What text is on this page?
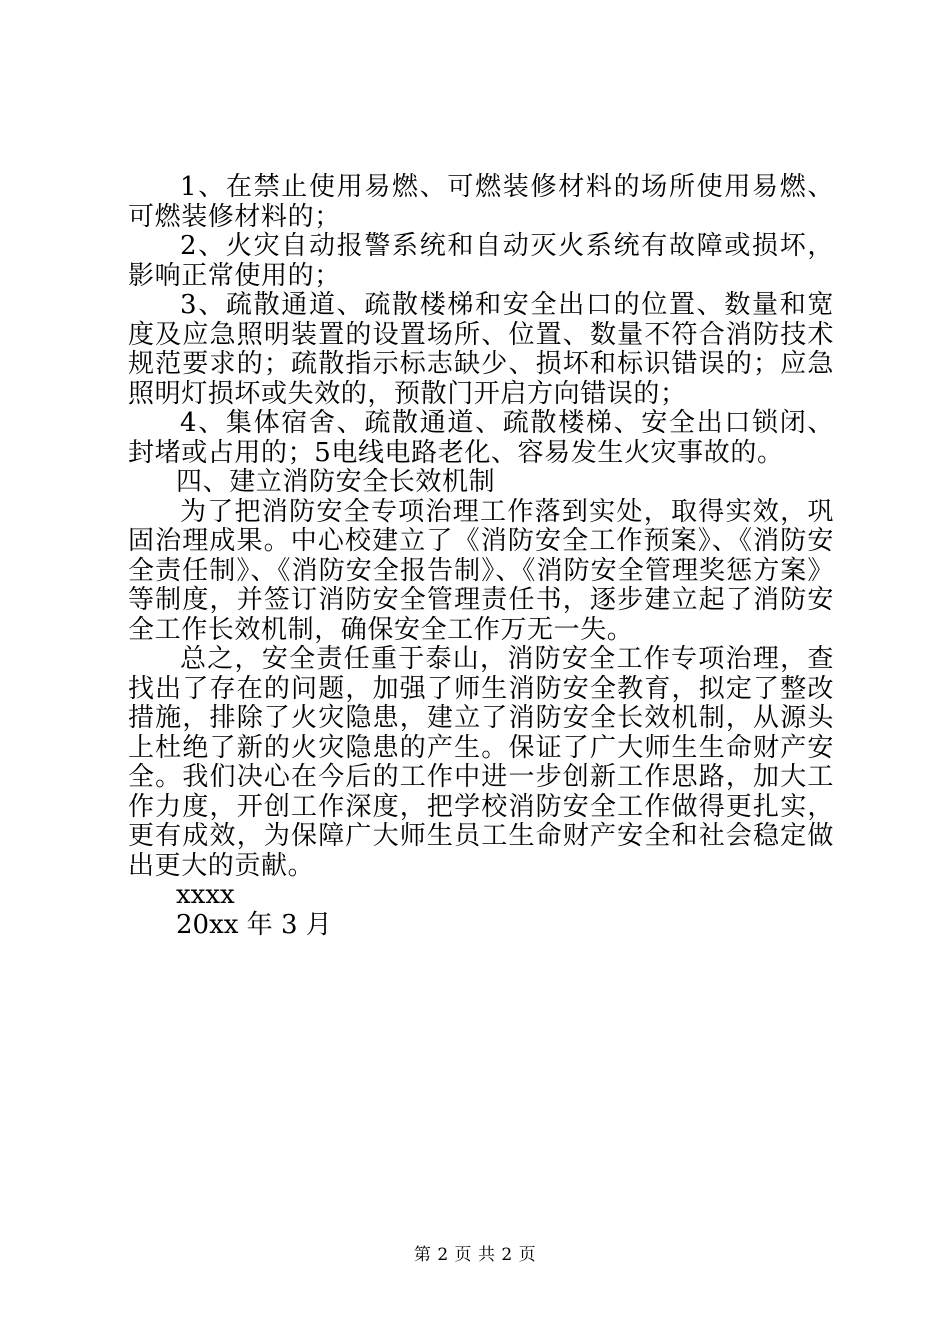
1、在禁止使用易燃、可燃装修材料的场所使用易燃、可燃装修材料的；

2、火灾自动报警系统和自动灭火系统有故障或损坏，影响正常使用的；

3、疏散通道、疏散楼梯和安全出口的位置、数量和宽度及应急照明装置的设置场所、位置、数量不符合消防技术规范要求的；疏散指示标志缺少、损坏和标识错误的；应急照明灯损坏或失效的，预散门开启方向错误的；

4、集体宿舍、疏散通道、疏散楼梯、安全出口锁闭、封堵或占用的；5电线电路老化、容易发生火灾事故的。

四、建立消防安全长效机制

为了把消防安全专项治理工作落到实处，取得实效，巩固治理成果。中心校建立了《消防安全工作预案》、《消防安全责任制》、《消防安全报告制》、《消防安全管理奖惩方案》等制度，并签订消防安全管理责任书，逐步建立起了消防安全工作长效机制，确保安全工作万无一失。

总之，安全责任重于泰山，消防安全工作专项治理，查找出了存在的问题，加强了师生消防安全教育，拟定了整改措施，排除了火灾隐患，建立了消防安全长效机制，从源头上杜绝了新的火灾隐患的产生。保证了广大师生生命财产安全。我们决心在今后的工作中进一步创新工作思路，加大工作力度，开创工作深度，把学校消防安全工作做得更扎实，更有成效，为保障广大师生员工生命财产安全和社会稳定做出更大的贡献。

xxxx

20xx 年 3 月

第 2 页 共 2 页
